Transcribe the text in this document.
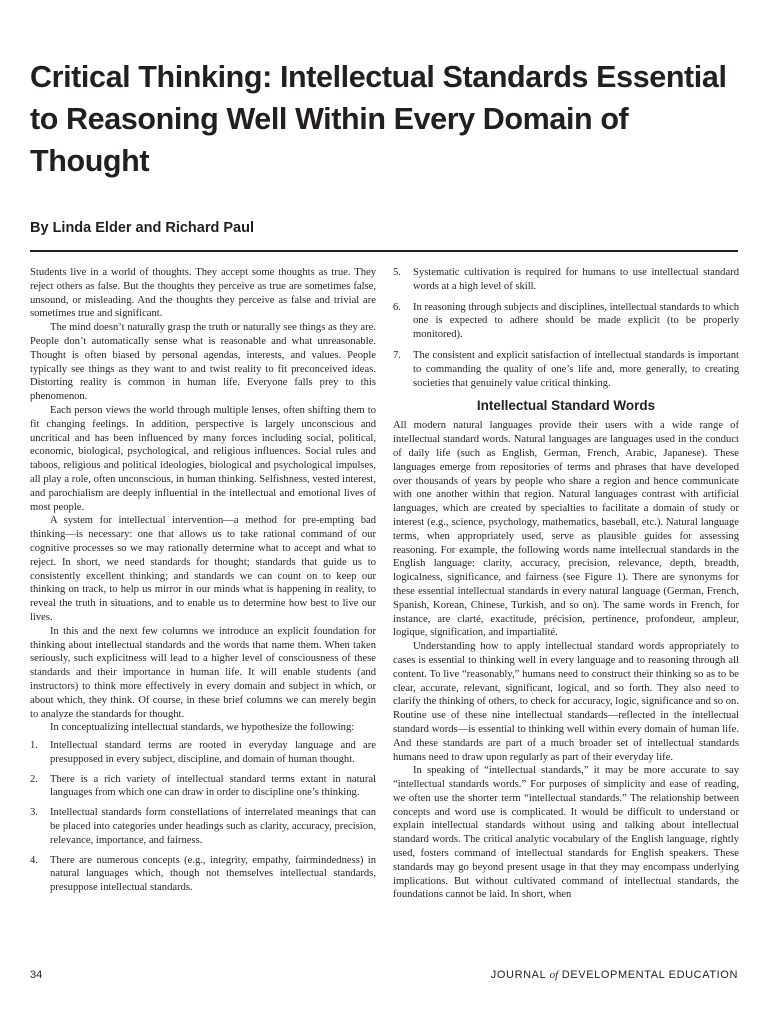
Critical Thinking: Intellectual Standards Essential to Reasoning Well Within Every Domain of Thought
By Linda Elder and Richard Paul

Students live in a world of thoughts. They accept some thoughts as true. They reject others as false. But the thoughts they perceive as true are sometimes false, unsound, or misleading. And the thoughts they perceive as false and trivial are sometimes true and significant.

The mind doesn’t naturally grasp the truth or naturally see things as they are. People don’t automatically sense what is reasonable and what unreasonable. Thought is often biased by personal agendas, interests, and values. People typically see things as they want to and twist reality to fit preconceived ideas. Distorting reality is common in human life. Everyone falls prey to this phenomenon.

Each person views the world through multiple lenses, often shifting them to fit changing feelings. In addition, perspective is largely unconscious and uncritical and has been influenced by many forces including social, political, economic, biological, psychological, and religious influences. Social rules and taboos, religious and political ideologies, biological and psychological impulses, all play a role, often unconscious, in human thinking. Selfishness, vested interest, and parochialism are deeply influential in the intellectual and emotional lives of most people.

A system for intellectual intervention—a method for pre-empting bad thinking—is necessary: one that allows us to take rational command of our cognitive processes so we may rationally determine what to accept and what to reject. In short, we need standards for thought; standards that guide us to consistently excellent thinking; and standards we can count on to keep our thinking on track, to help us mirror in our minds what is happening in reality, to reveal the truth in situations, and to enable us to determine how best to live our lives.

In this and the next few columns we introduce an explicit foundation for thinking about intellectual standards and the words that name them. When taken seriously, such explicitness will lead to a higher level of consciousness of these standards and their importance in human life. It will enable students (and instructors) to think more effectively in every domain and subject in which, or about which, they think. Of course, in these brief columns we can merely begin to analyze the standards for thought.

In conceptualizing intellectual standards, we hypothesize the following:

1. Intellectual standard terms are rooted in everyday language and are presupposed in every subject, discipline, and domain of human thought.
2. There is a rich variety of intellectual standard terms extant in natural languages from which one can draw in order to discipline one’s thinking.
3. Intellectual standards form constellations of interrelated meanings that can be placed into categories under headings such as clarity, accuracy, precision, relevance, importance, and fairness.
4. There are numerous concepts (e.g., integrity, empathy, fairmindedness) in natural languages which, though not themselves intellectual standards, presuppose intellectual standards.
5. Systematic cultivation is required for humans to use intellectual standard words at a high level of skill.
6. In reasoning through subjects and disciplines, intellectual standards to which one is expected to adhere should be made explicit (to be properly monitored).
7. The consistent and explicit satisfaction of intellectual standards is important to commanding the quality of one’s life and, more generally, to creating societies that genuinely value critical thinking.
Intellectual Standard Words

All modern natural languages provide their users with a wide range of intellectual standard words. Natural languages are languages used in the conduct of daily life (such as English, German, French, Arabic, Japanese). These languages emerge from repositories of terms and phrases that have developed over thousands of years by people who share a region and hence communicate with one another within that region. Natural languages contrast with artificial languages, which are created by specialties to facilitate a domain of study or interest (e.g., science, psychology, mathematics, baseball, etc.). Natural language terms, when appropriately used, serve as plausible guides for assessing reasoning. For example, the following words name intellectual standards in the English language: clarity, accuracy, precision, relevance, depth, breadth, logicalness, significance, and fairness (see Figure 1). There are synonyms for these essential intellectual standards in every natural language (German, French, Spanish, Korean, Chinese, Turkish, and so on). The same words in French, for instance, are clarté, exactitude, précision, pertinence, profondeur, ampleur, logique, signification, and impartialité.

Understanding how to apply intellectual standard words appropriately to cases is essential to thinking well in every language and to reasoning through all content. To live “reasonably,” humans need to construct their thinking so as to be clear, accurate, relevant, significant, logical, and so forth. They also need to clarify the thinking of others, to check for accuracy, logic, significance and so on. Routine use of these nine intellectual standards—reflected in the intellectual standard words—is essential to thinking well within every domain of human life. And these standards are part of a much broader set of intellectual standards humans need to draw upon regularly as part of their everyday life.

In speaking of “intellectual standards,” it may be more accurate to say “intellectual standards words.” For purposes of simplicity and ease of reading, we often use the shorter term “intellectual standards.” The relationship between concepts and word use is complicated. It would be difficult to understand or explain intellectual standards without using and talking about intellectual standard words. The critical analytic vocabulary of the English language, rightly used, fosters command of intellectual standards for English speakers. These standards may go beyond present usage in that they may encompass underlying implications. But without cultivated command of intellectual standards, the foundations cannot be laid. In short, when

34	JOURNAL of DEVELOPMENTAL EDUCATION
